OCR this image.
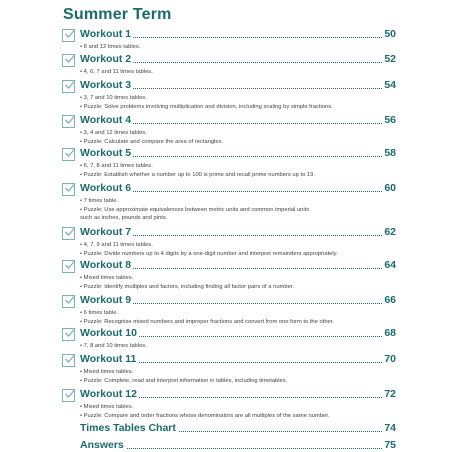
Summer Term
Workout 1	50
• 8 and 12 times tables.
Workout 2	52
• 4, 6, 7 and 11 times tables.
Workout 3	54
• 3, 7 and 10 times tables.
• Puzzle: Solve problems involving multiplication and division, including scaling by simple fractions.
Workout 4	56
• 3, 4 and 12 times tables.
• Puzzle: Calculate and compare the area of rectangles.
Workout 5	58
• 6, 7, 8 and 11 times tables.
• Puzzle: Establish whether a number up to 100 is prime and recall prime numbers up to 19.
Workout 6	60
• 7 times table.
• Puzzle: Use approximate equivalences between metric units and common imperial units
such as inches, pounds and pints.
Workout 7	62
• 4, 7, 9 and 11 times tables.
• Puzzle: Divide numbers up to 4 digits by a one-digit number and interpret remainders appropriately.
Workout 8	64
• Mixed times tables.
• Puzzle: Identify multiples and factors, including finding all factor pairs of a number.
Workout 9	66
• 6 times table.
• Puzzle: Recognise mixed numbers and improper fractions and convert from one form to the other.
Workout 10	68
• 7, 8 and 10 times tables.
Workout 11	70
• Mixed times tables.
• Puzzle: Complete, read and interpret information in tables, including timetables.
Workout 12	72
• Mixed times tables.
• Puzzle: Compare and order fractions whose denominators are all multiples of the same number.
Times Tables Chart	74
Answers	75
